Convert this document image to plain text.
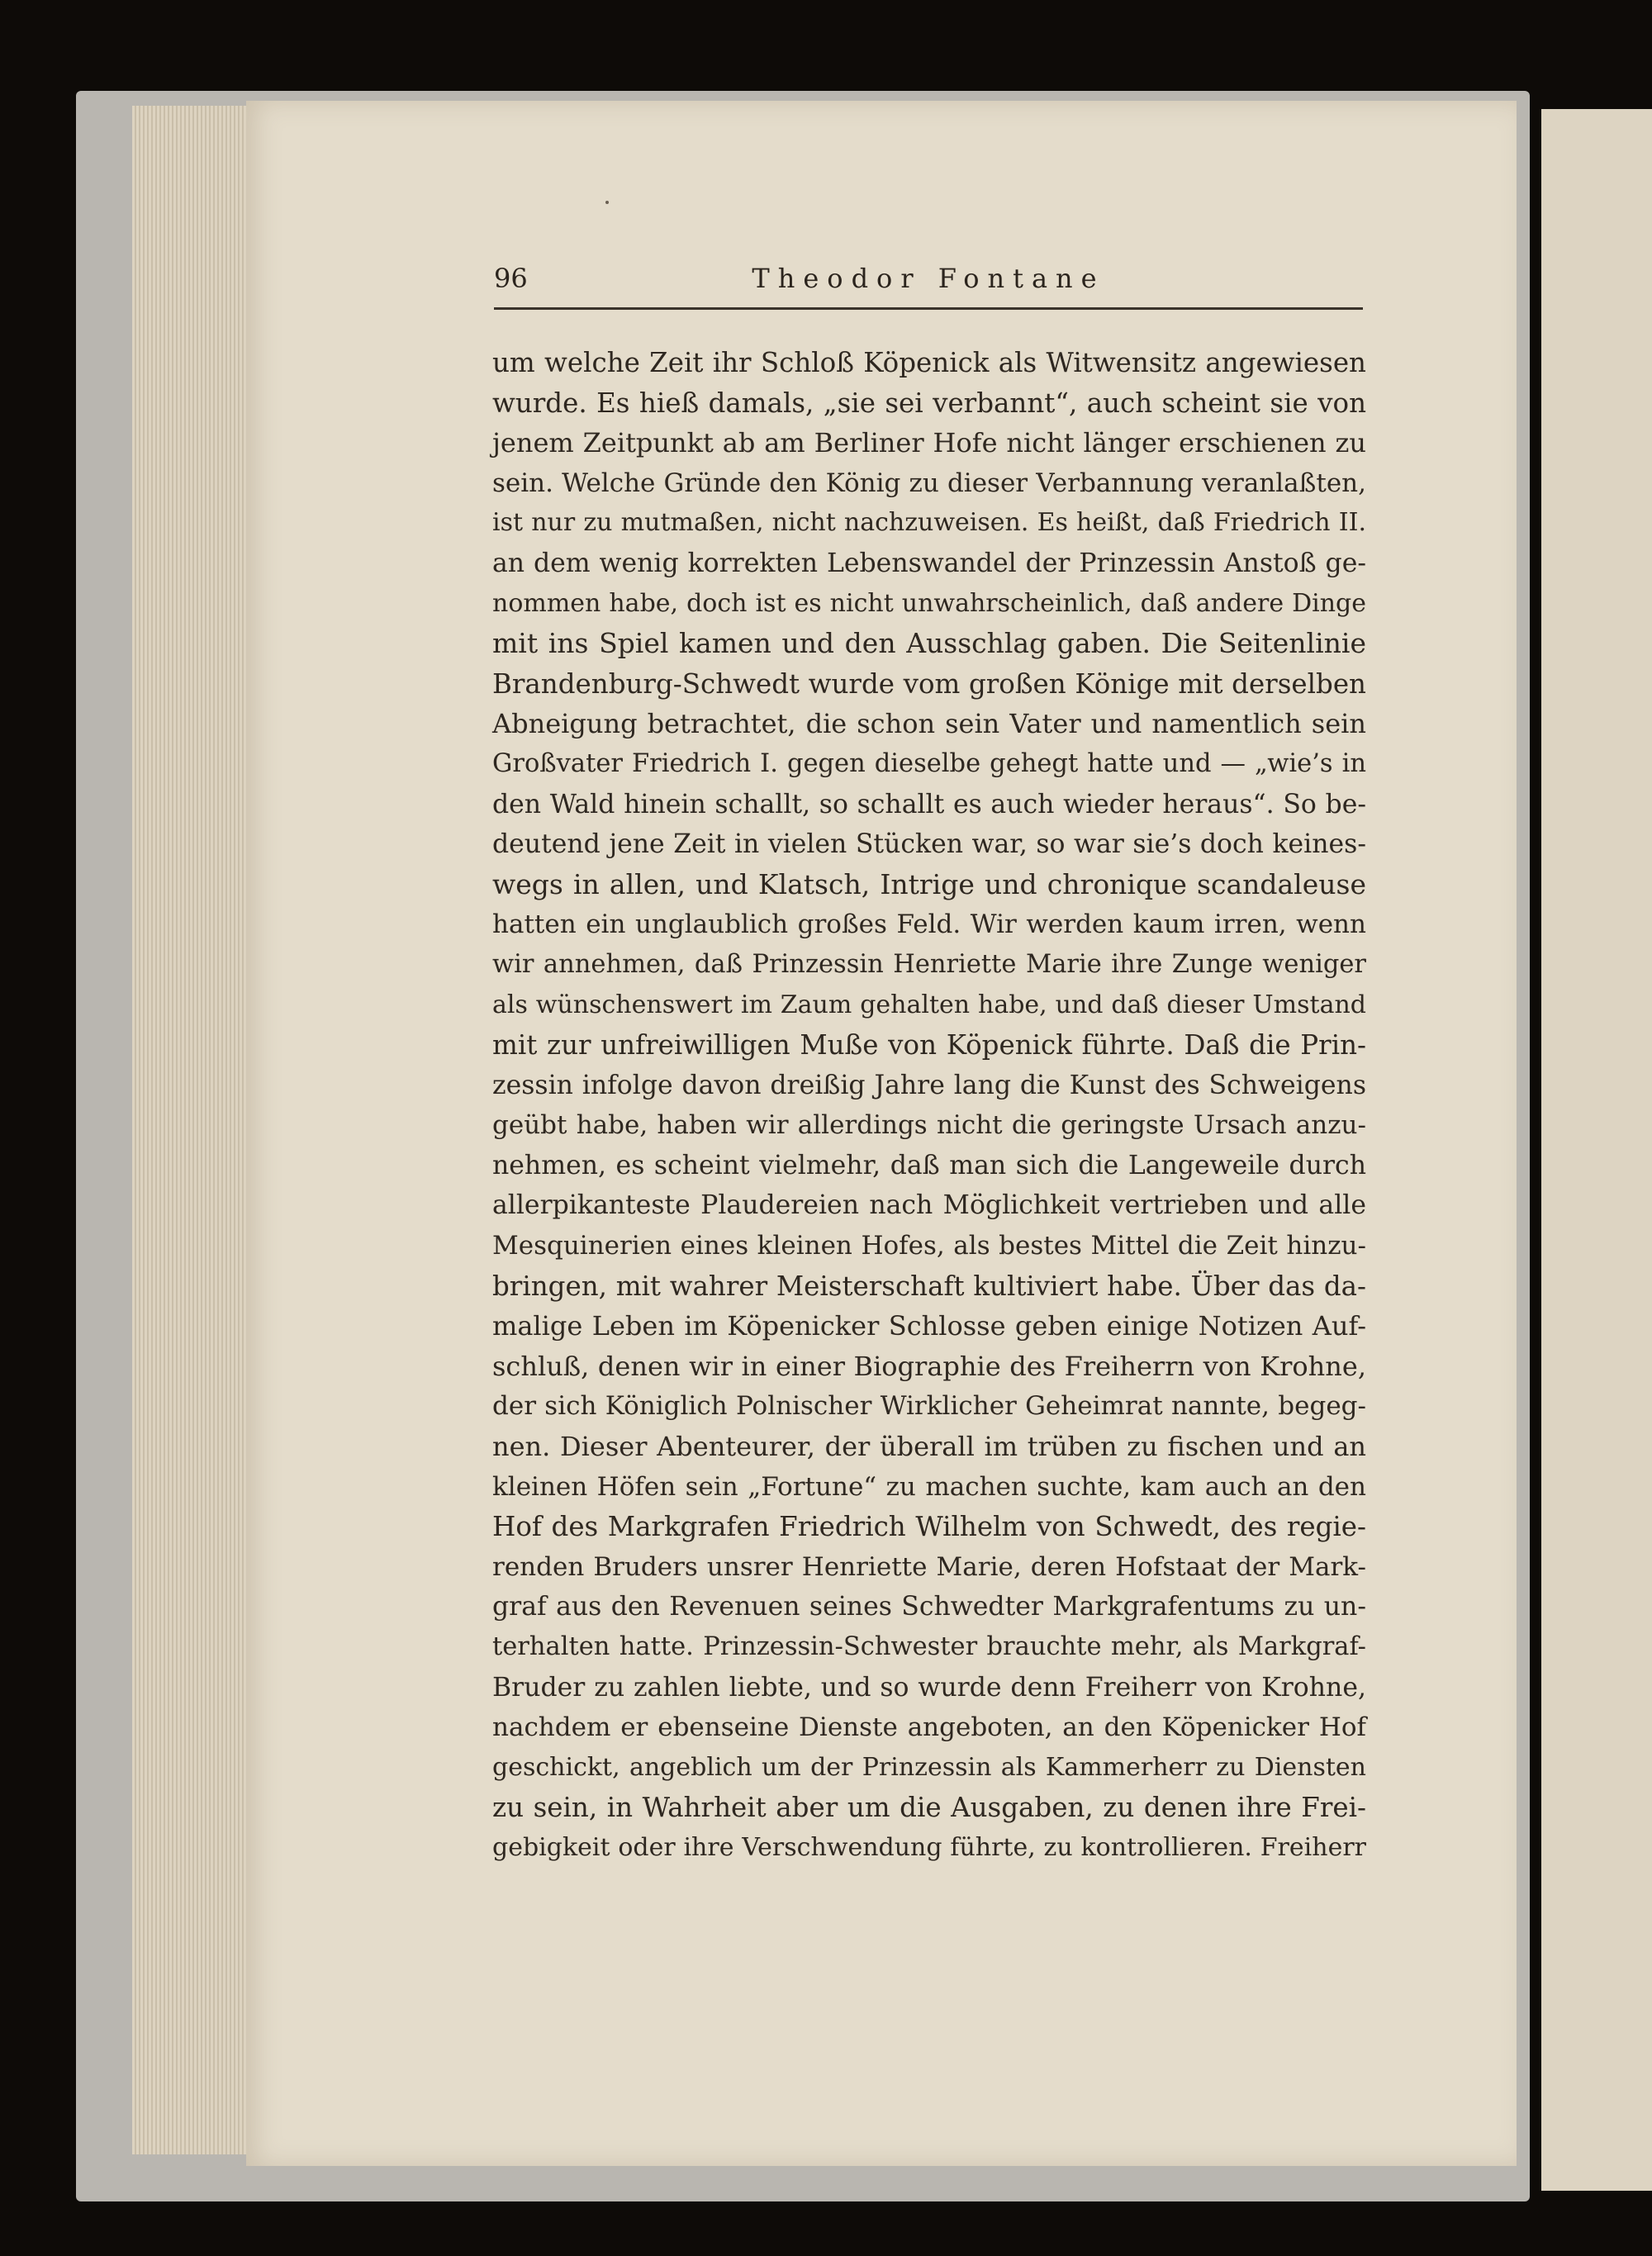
96	Theodor Fontane
um welche Zeit ihr Schloß Köpenick als Witwensitz angewiesen
wurde. Es hieß damals, „sie sei verbannt“, auch scheint sie von
jenem Zeitpunkt ab am Berliner Hofe nicht länger erschienen zu
sein. Welche Gründe den König zu dieser Verbannung veranlaßten,
ist nur zu mutmaßen, nicht nachzuweisen. Es heißt, daß Friedrich II.
an dem wenig korrekten Lebenswandel der Prinzessin Anstoß ge-
nommen habe, doch ist es nicht unwahrscheinlich, daß andere Dinge
mit ins Spiel kamen und den Ausschlag gaben. Die Seitenlinie
Brandenburg-Schwedt wurde vom großen Könige mit derselben
Abneigung betrachtet, die schon sein Vater und namentlich sein
Großvater Friedrich I. gegen dieselbe gehegt hatte und — „wie’s in
den Wald hinein schallt, so schallt es auch wieder heraus“. So be-
deutend jene Zeit in vielen Stücken war, so war sie’s doch keines-
wegs in allen, und Klatsch, Intrige und chronique scandaleuse
hatten ein unglaublich großes Feld. Wir werden kaum irren, wenn
wir annehmen, daß Prinzessin Henriette Marie ihre Zunge weniger
als wünschenswert im Zaum gehalten habe, und daß dieser Umstand
mit zur unfreiwilligen Muße von Köpenick führte. Daß die Prin-
zessin infolge davon dreißig Jahre lang die Kunst des Schweigens
geübt habe, haben wir allerdings nicht die geringste Ursach anzu-
nehmen, es scheint vielmehr, daß man sich die Langeweile durch
allerpikanteste Plaudereien nach Möglichkeit vertrieben und alle
Mesquinerien eines kleinen Hofes, als bestes Mittel die Zeit hinzu-
bringen, mit wahrer Meisterschaft kultiviert habe. Über das da-
malige Leben im Köpenicker Schlosse geben einige Notizen Auf-
schluß, denen wir in einer Biographie des Freiherrn von Krohne,
der sich Königlich Polnischer Wirklicher Geheimrat nannte, begeg-
nen. Dieser Abenteurer, der überall im trüben zu fischen und an
kleinen Höfen sein „Fortune“ zu machen suchte, kam auch an den
Hof des Markgrafen Friedrich Wilhelm von Schwedt, des regie-
renden Bruders unsrer Henriette Marie, deren Hofstaat der Mark-
graf aus den Revenuen seines Schwedter Markgrafentums zu un-
terhalten hatte. Prinzessin-Schwester brauchte mehr, als Markgraf-
Bruder zu zahlen liebte, und so wurde denn Freiherr von Krohne,
nachdem er ebenseine Dienste angeboten, an den Köpenicker Hof
geschickt, angeblich um der Prinzessin als Kammerherr zu Diensten
zu sein, in Wahrheit aber um die Ausgaben, zu denen ihre Frei-
gebigkeit oder ihre Verschwendung führte, zu kontrollieren. Freiherr
